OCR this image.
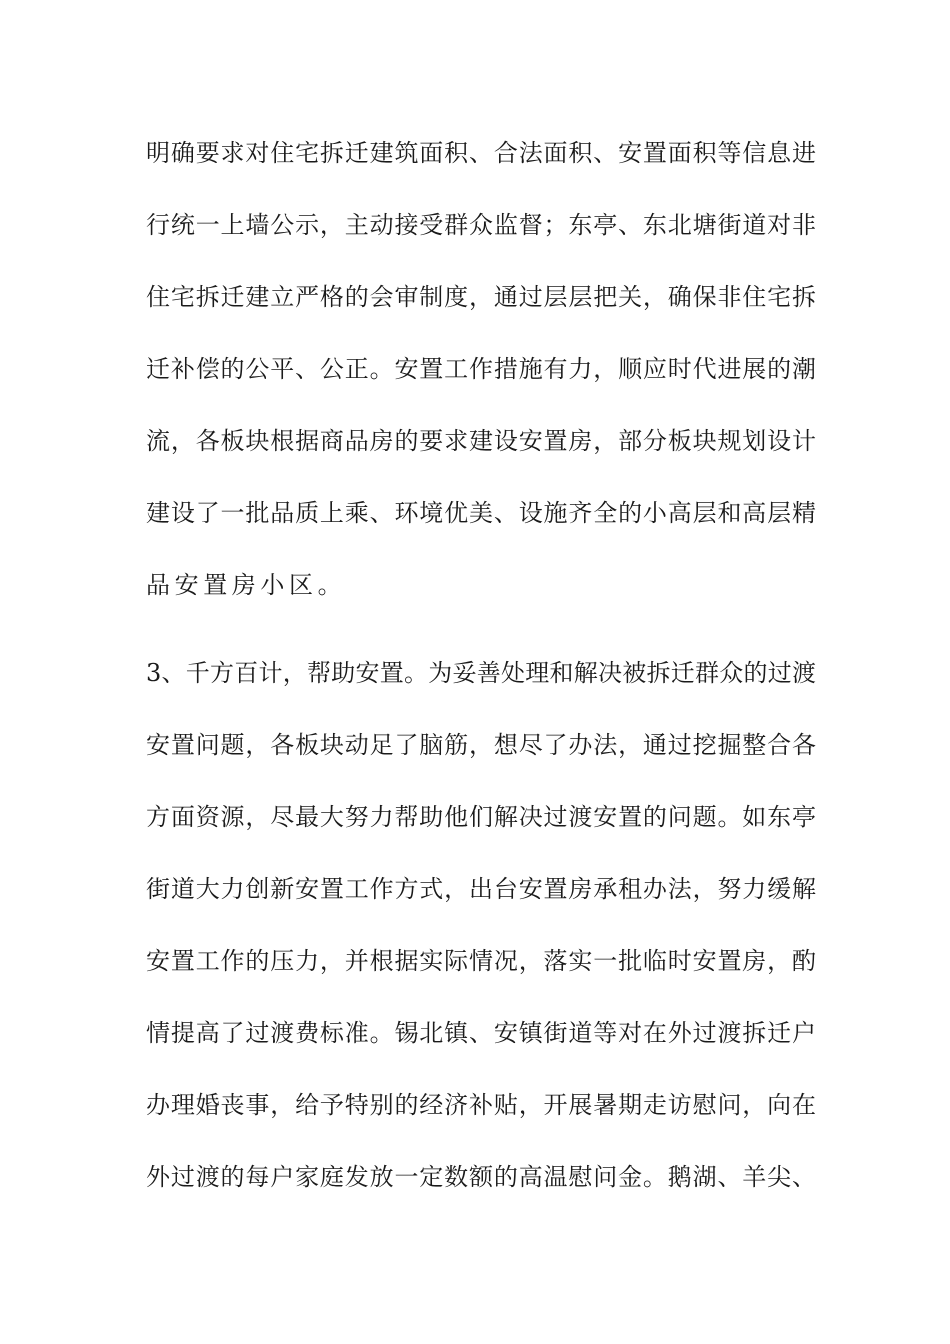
明确要求对住宅拆迁建筑面积、合法面积、安置面积等信息进
行统一上墙公示，主动接受群众监督；东亭、东北塘街道对非
住宅拆迁建立严格的会审制度，通过层层把关，确保非住宅拆
迁补偿的公平、公正。安置工作措施有力，顺应时代进展的潮
流，各板块根据商品房的要求建设安置房，部分板块规划设计
建设了一批品质上乘、环境优美、设施齐全的小高层和高层精
品安置房小区。
3、千方百计，帮助安置。为妥善处理和解决被拆迁群众的过渡
安置问题，各板块动足了脑筋，想尽了办法，通过挖掘整合各
方面资源，尽最大努力帮助他们解决过渡安置的问题。如东亭
街道大力创新安置工作方式，出台安置房承租办法，努力缓解
安置工作的压力，并根据实际情况，落实一批临时安置房，酌
情提高了过渡费标准。锡北镇、安镇街道等对在外过渡拆迁户
办理婚丧事，给予特别的经济补贴，开展暑期走访慰问，向在
外过渡的每户家庭发放一定数额的高温慰问金。鹅湖、羊尖、
